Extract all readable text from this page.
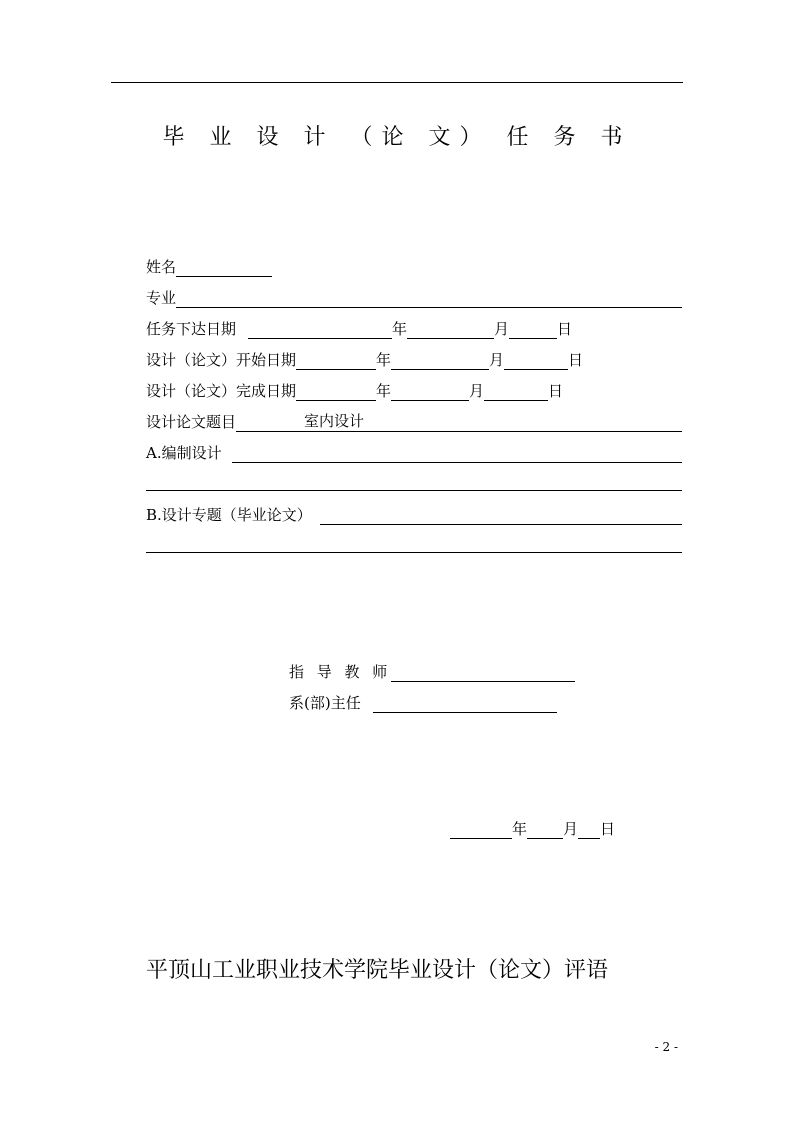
毕 业 设 计 （论 文） 任 务 书
姓名
专业
任务下达日期	年	月	日
设计（论文）开始日期	年	月	日
设计（论文）完成日期	年	月	日
设计论文题目	室内设计
A.编制设计
B.设计专题（毕业论文）
指 导 教 师
系(部)主任
年 月 日
平顶山工业职业技术学院毕业设计（论文）评语
- 2 -
